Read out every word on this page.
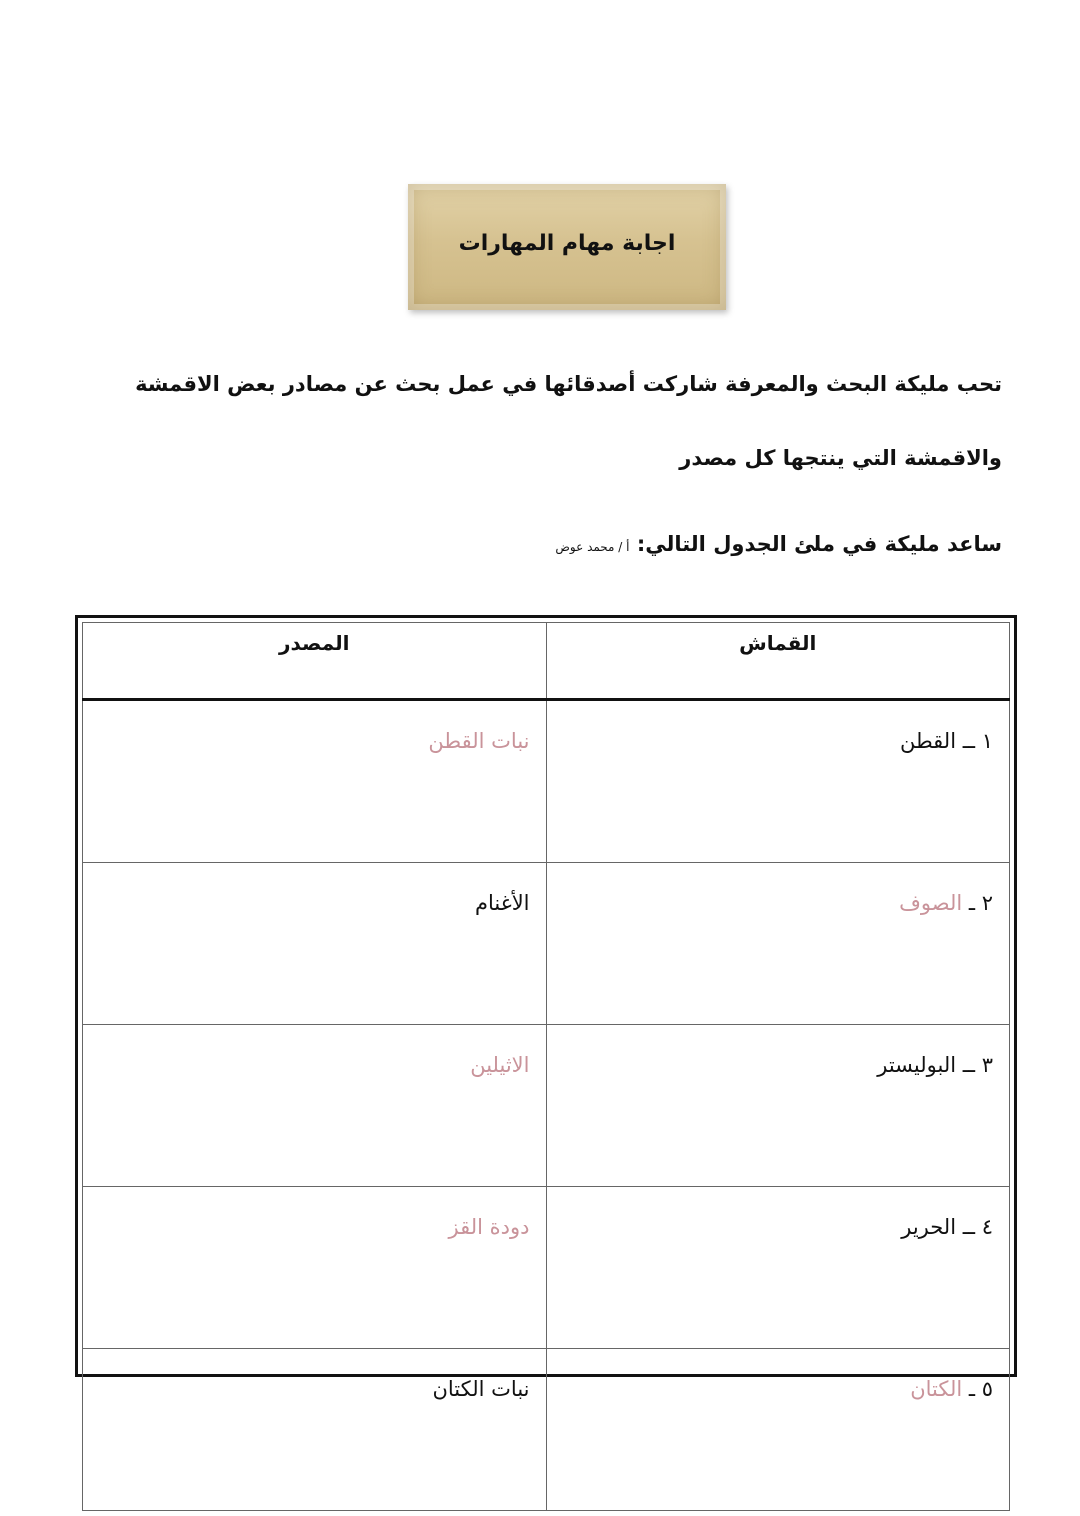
اجابة مهام المهارات
تحب مليكة البحث والمعرفة شاركت أصدقائها في عمل بحث عن مصادر بعض الاقمشة
والاقمشة التي ينتجها كل مصدر
ساعد مليكة في ملئ الجدول التالي: أ / محمد عوض
القماش	المصدر
١ ــ القطن	نبات القطن
٢ ـ الصوف	الأغنام
٣ ــ البوليستر	الاثيلين
٤ ــ الحرير	دودة القز
٥ ـ الكتان	نبات الكتان
